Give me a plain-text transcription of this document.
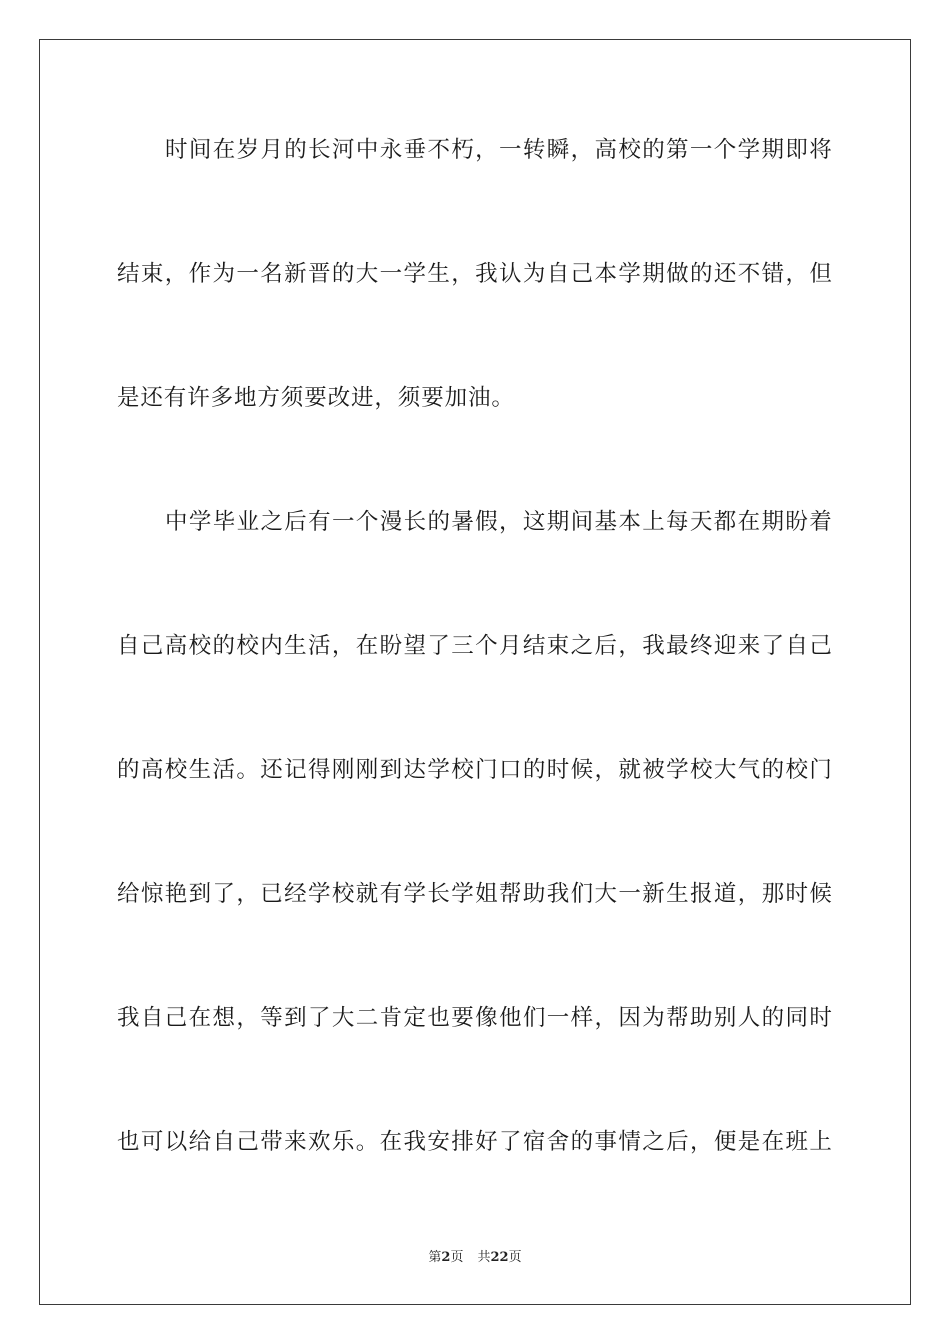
时 间 在 岁 月 的 长 河 中 永 垂 不 朽 ， 一 转 瞬 ， 高 校 的 第 一 个 学 期 即 将
结 束 ， 作 为 一 名 新 晋 的 大 一 学 生 ， 我 认 为 自 己 本 学 期 做 的 还 不 错 ， 但
是还有许多地方须要改进，须要加油。
中 学 毕 业 之 后 有 一 个 漫 长 的 暑 假 ， 这 期 间 基 本 上 每 天 都 在 期 盼 着
自 己 高 校 的 校 内 生 活 ， 在 盼 望 了 三 个 月 结 束 之 后 ， 我 最 终 迎 来 了 自 己
的 高 校 生 活 。 还 记 得 刚 刚 到 达 学 校 门 口 的 时 候 ， 就 被 学 校 大 气 的 校 门
给 惊 艳 到 了 ， 已 经 学 校 就 有 学 长 学 姐 帮 助 我 们 大 一 新 生 报 道 ， 那 时 候
我 自 己 在 想 ， 等 到 了 大 二 肯 定 也 要 像 他 们 一 样 ， 因 为 帮 助 别 人 的 同 时
也 可 以 给 自 己 带 来 欢 乐 。 在 我 安 排 好 了 宿 舍 的 事 情 之 后 ， 便 是 在 班 上
第2页 共22页
